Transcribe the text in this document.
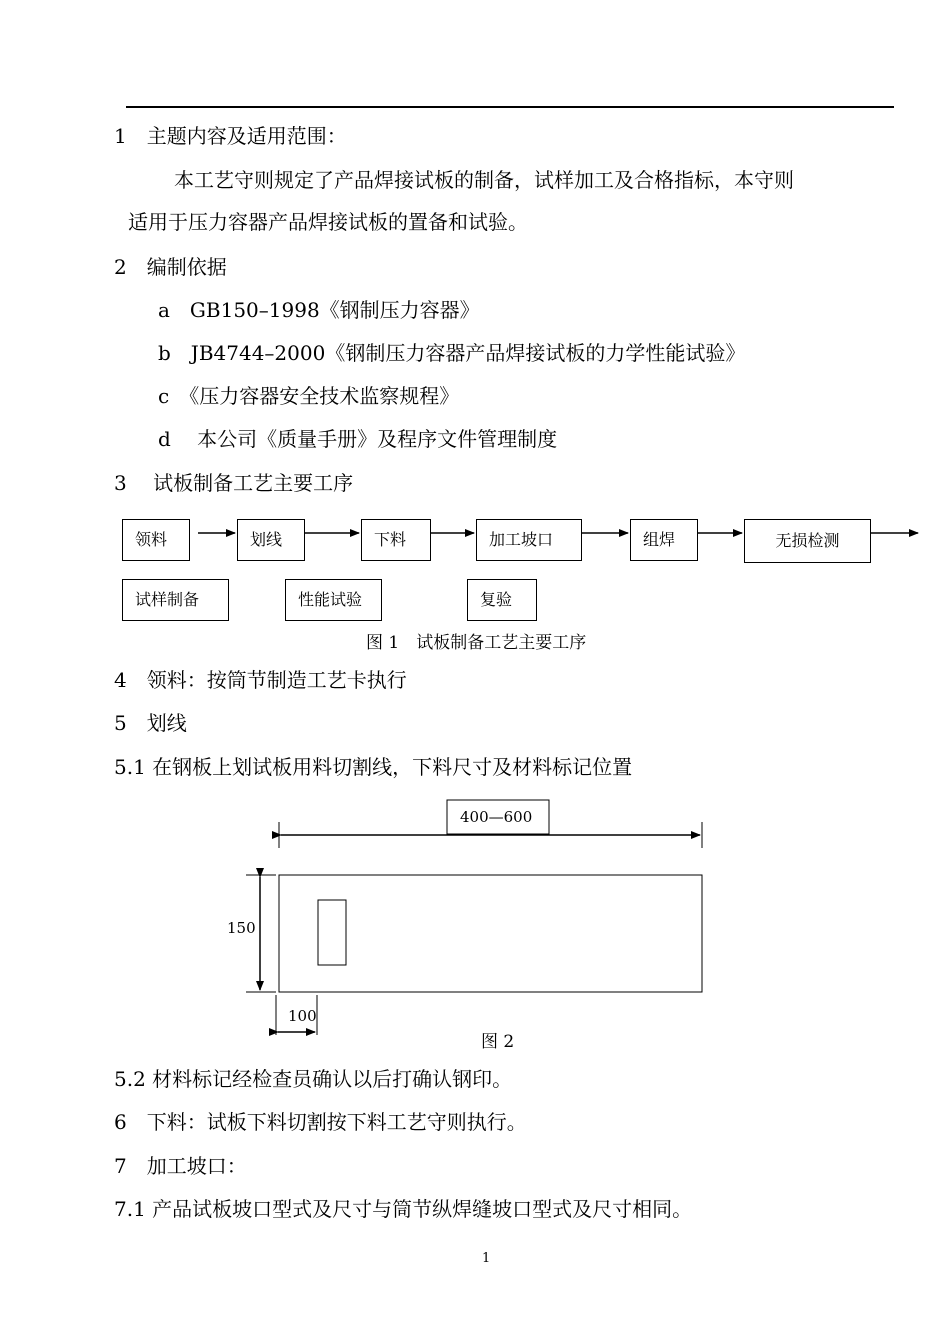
1　主题内容及适用范围：
本工艺守则规定了产品焊接试板的制备，试样加工及合格指标，本守则
适用于压力容器产品焊接试板的置备和试验。
2　编制依据
a　GB150–1998《钢制压力容器》
b　JB4744–2000《钢制压力容器产品焊接试板的力学性能试验》
c　《压力容器安全技术监察规程》
d　 本公司《质量手册》及程序文件管理制度
3　 试板制备工艺主要工序
领料	划线	下料	加工坡口	组焊	无损检测
试样制备	性能试验	复验
图 1　试板制备工艺主要工序
4　领料：按筒节制造工艺卡执行
5　划线
5.1 在钢板上划试板用料切割线，下料尺寸及材料标记位置
400—600
150
100
图 2
5.2 材料标记经检查员确认以后打确认钢印。
6　下料：试板下料切割按下料工艺守则执行。
7　加工坡口：
7.1 产品试板坡口型式及尺寸与筒节纵焊缝坡口型式及尺寸相同。
1
